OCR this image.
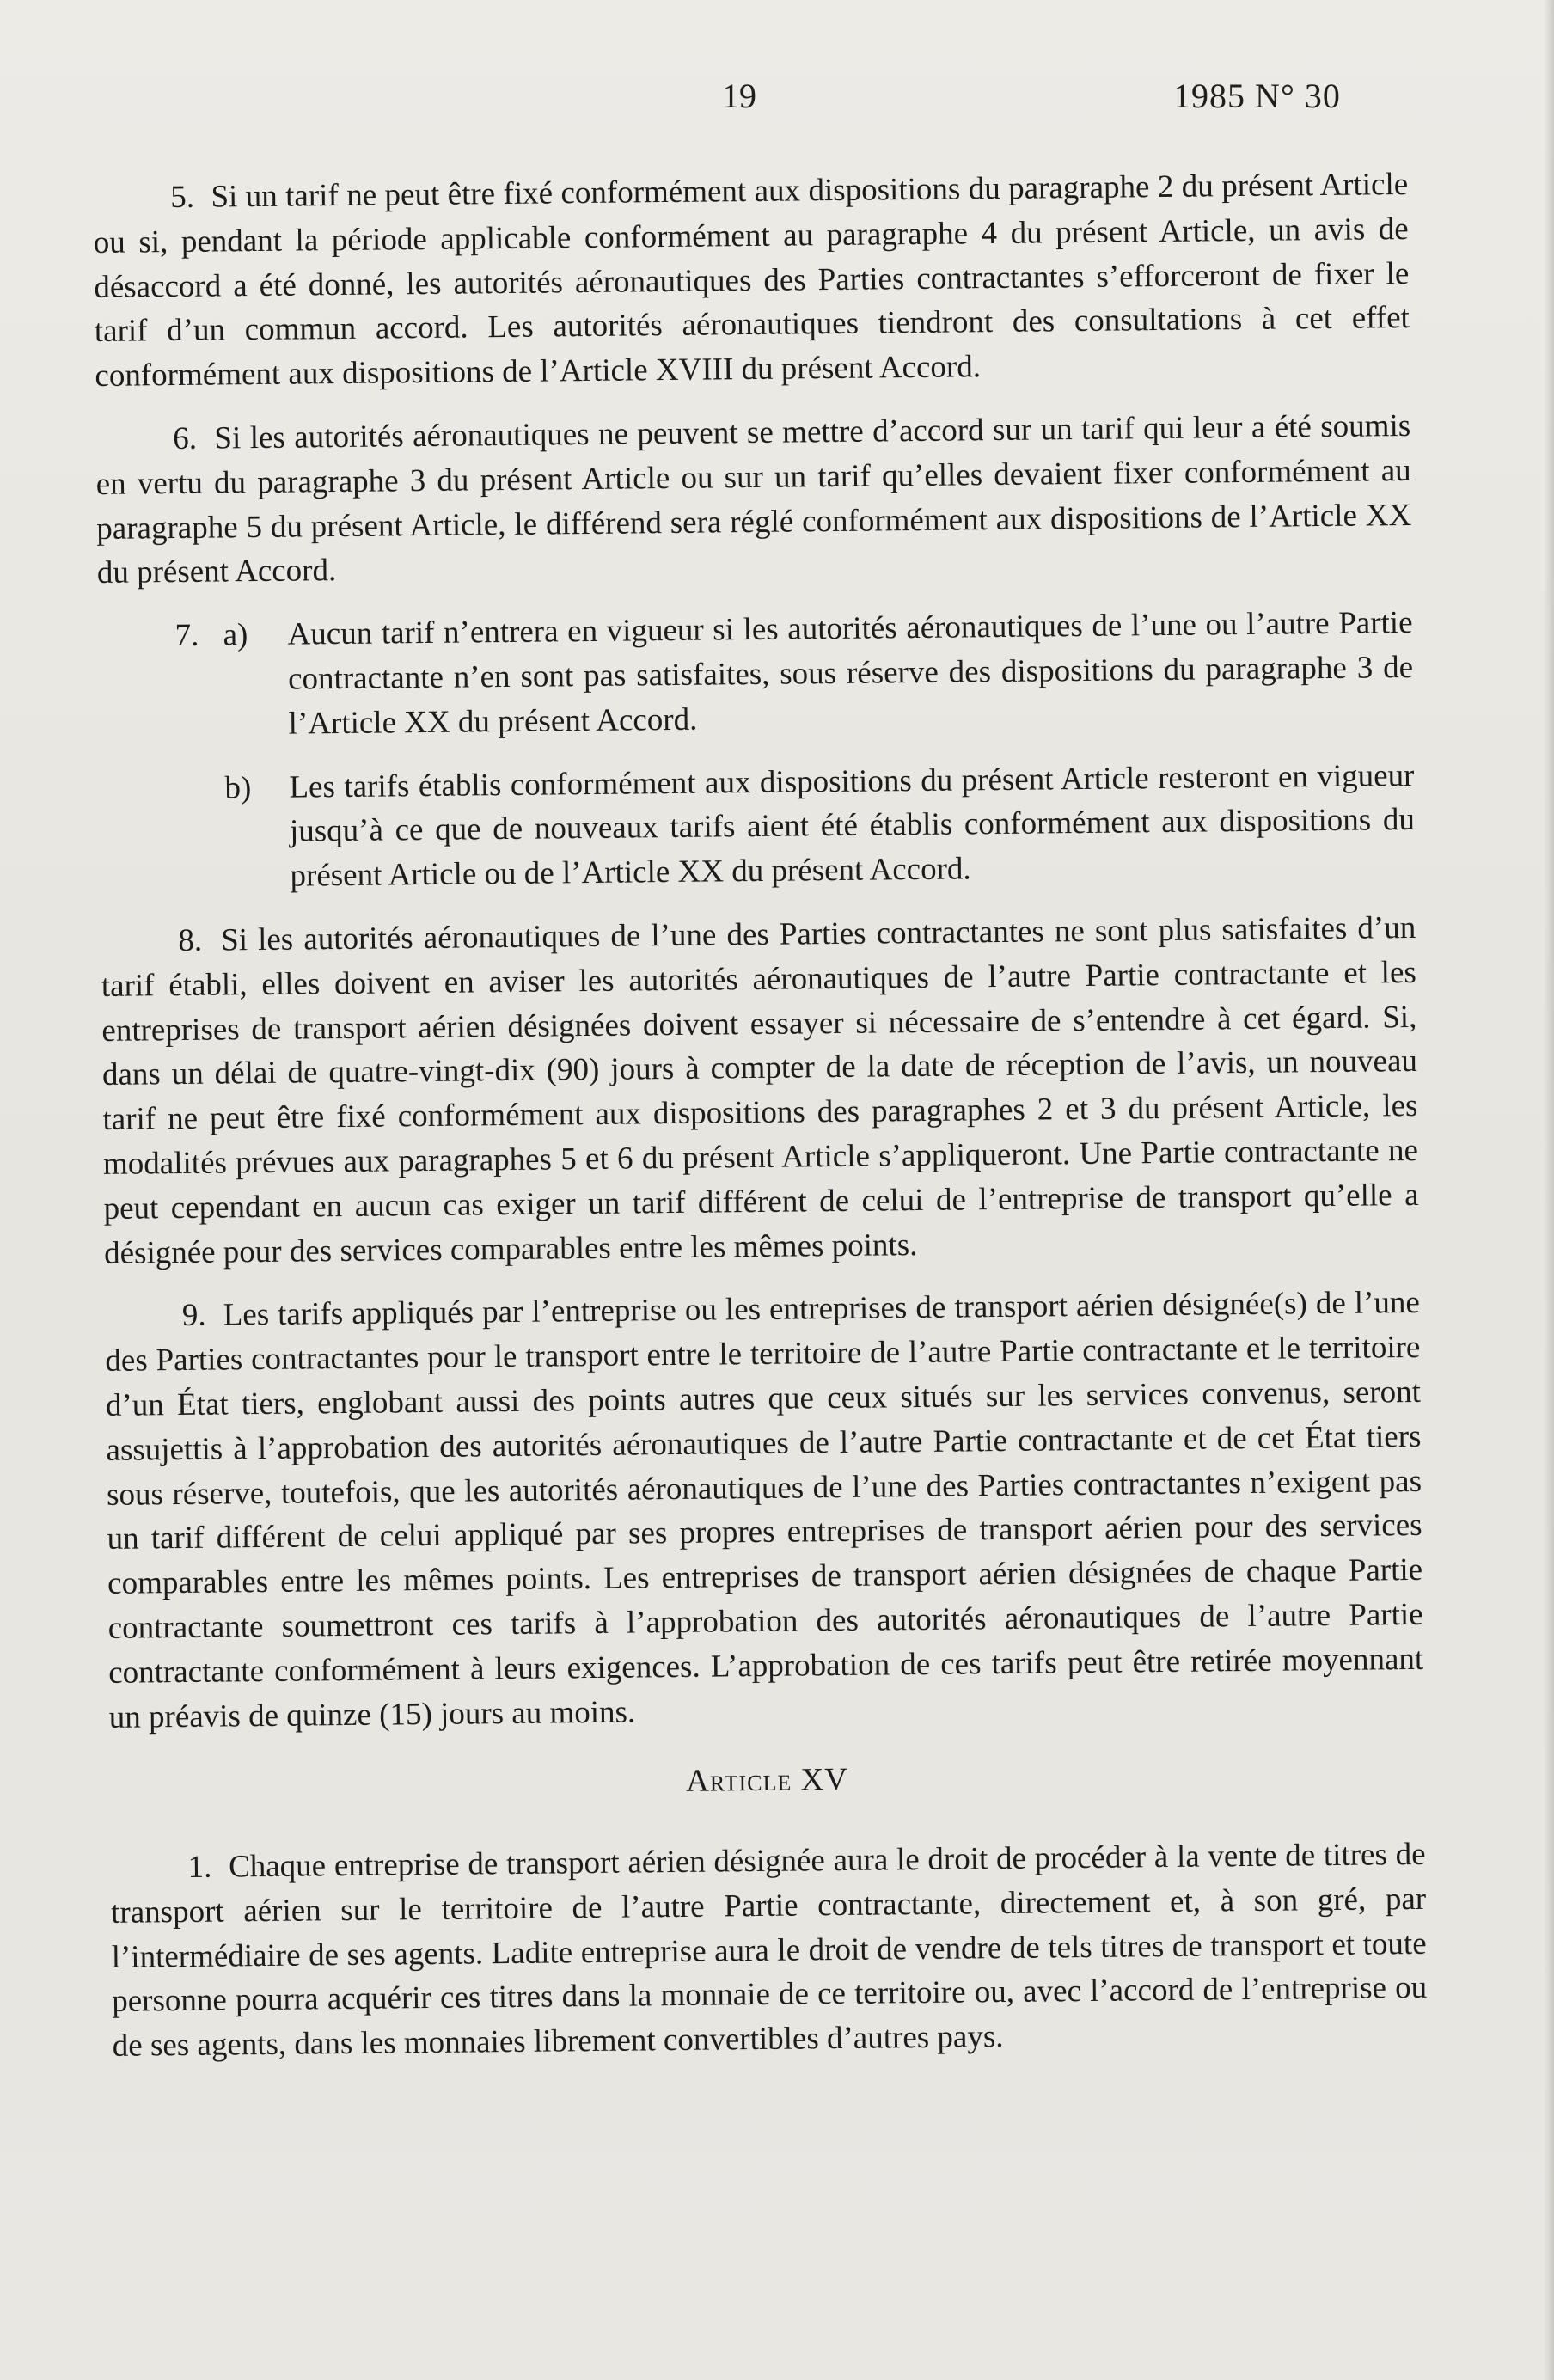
19	1985 N° 30

5. Si un tarif ne peut être fixé conformément aux dispositions du paragraphe 2 du présent Article ou si, pendant la période applicable conformément au paragraphe 4 du présent Article, un avis de désaccord a été donné, les autorités aéronautiques des Parties contractantes s’efforceront de fixer le tarif d’un commun accord. Les autorités aéronautiques tiendront des consultations à cet effet conformément aux dispositions de l’Article XVIII du présent Accord.

6. Si les autorités aéronautiques ne peuvent se mettre d’accord sur un tarif qui leur a été soumis en vertu du paragraphe 3 du présent Article ou sur un tarif qu’elles devaient fixer conformément au paragraphe 5 du présent Article, le différend sera réglé conformément aux dispositions de l’Article XX du présent Accord.

7. a) Aucun tarif n’entrera en vigueur si les autorités aéronautiques de l’une ou l’autre Partie contractante n’en sont pas satisfaites, sous réserve des dispositions du paragraphe 3 de l’Article XX du présent Accord.
b) Les tarifs établis conformément aux dispositions du présent Article resteront en vigueur jusqu’à ce que de nouveaux tarifs aient été établis conformément aux dispositions du présent Article ou de l’Article XX du présent Accord.

8. Si les autorités aéronautiques de l’une des Parties contractantes ne sont plus satisfaites d’un tarif établi, elles doivent en aviser les autorités aéronautiques de l’autre Partie contractante et les entreprises de transport aérien désignées doivent essayer si nécessaire de s’entendre à cet égard. Si, dans un délai de quatre-vingt-dix (90) jours à compter de la date de réception de l’avis, un nouveau tarif ne peut être fixé conformément aux dispositions des paragraphes 2 et 3 du présent Article, les modalités prévues aux paragraphes 5 et 6 du présent Article s’appliqueront. Une Partie contractante ne peut cependant en aucun cas exiger un tarif différent de celui de l’entreprise de transport qu’elle a désignée pour des services comparables entre les mêmes points.

9. Les tarifs appliqués par l’entreprise ou les entreprises de transport aérien désignée(s) de l’une des Parties contractantes pour le transport entre le territoire de l’autre Partie contractante et le territoire d’un État tiers, englobant aussi des points autres que ceux situés sur les services convenus, seront assujettis à l’approbation des autorités aéronautiques de l’autre Partie contractante et de cet État tiers sous réserve, toutefois, que les autorités aéronautiques de l’une des Parties contractantes n’exigent pas un tarif différent de celui appliqué par ses propres entreprises de transport aérien pour des services comparables entre les mêmes points. Les entreprises de transport aérien désignées de chaque Partie contractante soumettront ces tarifs à l’approbation des autorités aéronautiques de l’autre Partie contractante conformément à leurs exigences. L’approbation de ces tarifs peut être retirée moyennant un préavis de quinze (15) jours au moins.

Article XV

1. Chaque entreprise de transport aérien désignée aura le droit de procéder à la vente de titres de transport aérien sur le territoire de l’autre Partie contractante, directement et, à son gré, par l’intermédiaire de ses agents. Ladite entreprise aura le droit de vendre de tels titres de transport et toute personne pourra acquérir ces titres dans la monnaie de ce territoire ou, avec l’accord de l’entreprise ou de ses agents, dans les monnaies librement convertibles d’autres pays.
